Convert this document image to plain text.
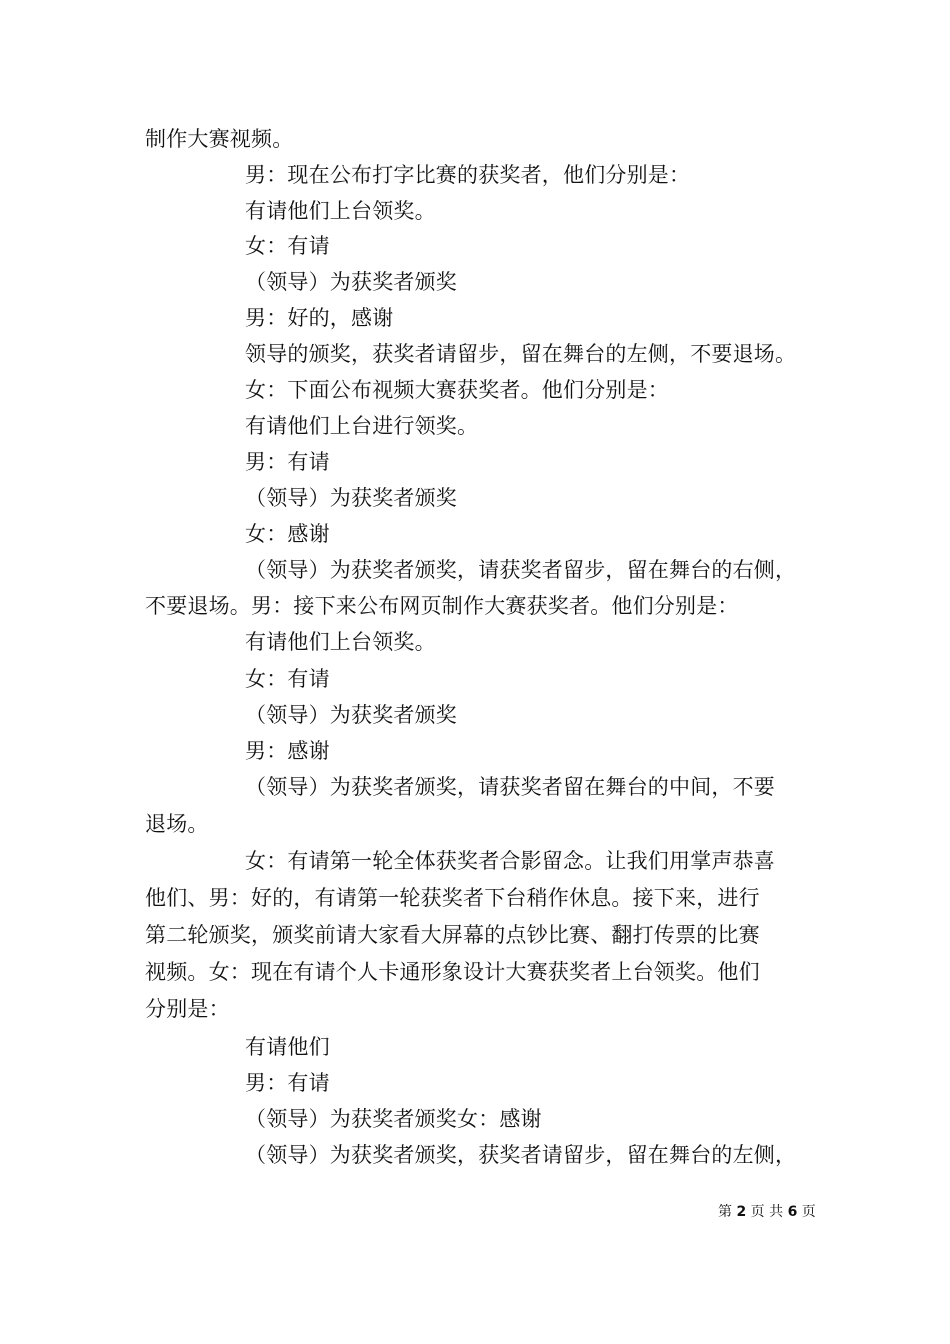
制作大赛视频。
男：现在公布打字比赛的获奖者，他们分别是：
有请他们上台领奖。
女：有请
（领导）为获奖者颁奖
男：好的，感谢
领导的颁奖，获奖者请留步，留在舞台的左侧，不要退场。
女：下面公布视频大赛获奖者。他们分别是：
有请他们上台进行领奖。
男：有请
（领导）为获奖者颁奖
女：感谢
（领导）为获奖者颁奖，请获奖者留步，留在舞台的右侧，
不要退场。男：接下来公布网页制作大赛获奖者。他们分别是：
有请他们上台领奖。
女：有请
（领导）为获奖者颁奖
男：感谢
（领导）为获奖者颁奖，请获奖者留在舞台的中间，不要
退场。
女：有请第一轮全体获奖者合影留念。让我们用掌声恭喜
他们、男：好的，有请第一轮获奖者下台稍作休息。接下来，进行
第二轮颁奖，颁奖前请大家看大屏幕的点钞比赛、翻打传票的比赛
视频。女：现在有请个人卡通形象设计大赛获奖者上台领奖。他们
分别是：
有请他们
男：有请
（领导）为获奖者颁奖女：感谢
（领导）为获奖者颁奖，获奖者请留步，留在舞台的左侧，
第 2 页 共 6 页
